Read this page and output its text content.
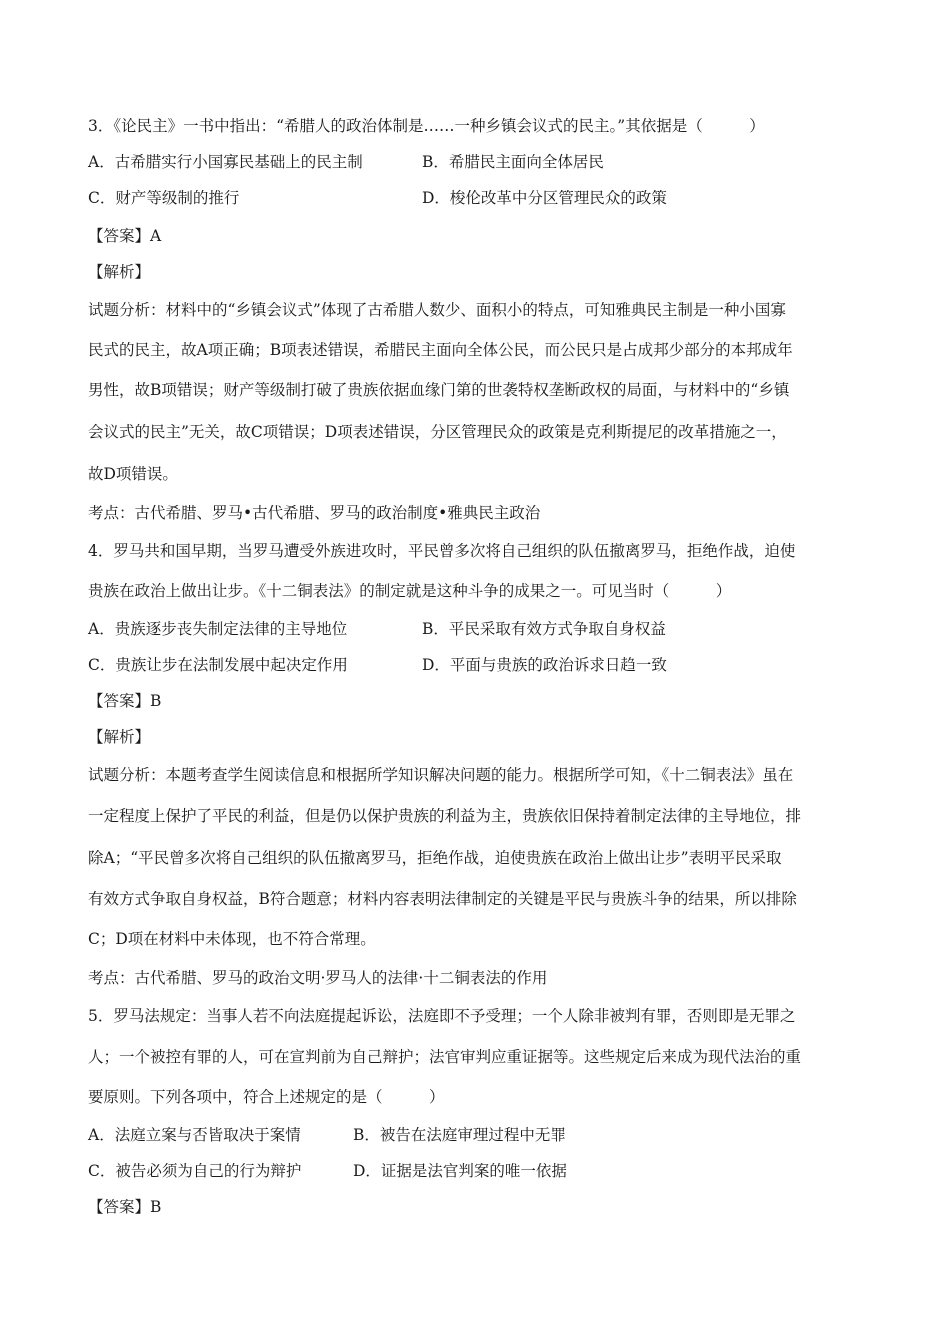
3．《论民主》一书中指出：“希腊人的政治体制是……一种乡镇会议式的民主。”其依据是（　　　）
A．古希腊实行小国寡民基础上的民主制	B．希腊民主面向全体居民
C．财产等级制的推行	D．梭伦改革中分区管理民众的政策
【答案】A
【解析】
试题分析：材料中的“乡镇会议式”体现了古希腊人数少、面积小的特点，可知雅典民主制是一种小国寡
民式的民主，故A项正确；B项表述错误，希腊民主面向全体公民，而公民只是占成邦少部分的本邦成年
男性，故B项错误；财产等级制打破了贵族依据血缘门第的世袭特权垄断政权的局面，与材料中的“乡镇
会议式的民主”无关，故C项错误；D项表述错误，分区管理民众的政策是克利斯提尼的改革措施之一，
故D项错误。
考点：古代希腊、罗马•古代希腊、罗马的政治制度•雅典民主政治
4．罗马共和国早期，当罗马遭受外族进攻时，平民曾多次将自己组织的队伍撤离罗马，拒绝作战，迫使
贵族在政治上做出让步。《十二铜表法》的制定就是这种斗争的成果之一。可见当时（　　　）
A．贵族逐步丧失制定法律的主导地位	B．平民采取有效方式争取自身权益
C．贵族让步在法制发展中起决定作用	D．平面与贵族的政治诉求日趋一致
【答案】B
【解析】
试题分析：本题考查学生阅读信息和根据所学知识解决问题的能力。根据所学可知，《十二铜表法》虽在
一定程度上保护了平民的利益，但是仍以保护贵族的利益为主，贵族依旧保持着制定法律的主导地位，排
除A；“平民曾多次将自己组织的队伍撤离罗马，拒绝作战，迫使贵族在政治上做出让步”表明平民采取
有效方式争取自身权益，B符合题意；材料内容表明法律制定的关键是平民与贵族斗争的结果，所以排除
C；D项在材料中未体现，也不符合常理。
考点：古代希腊、罗马的政治文明·罗马人的法律·十二铜表法的作用
5．罗马法规定：当事人若不向法庭提起诉讼，法庭即不予受理；一个人除非被判有罪，否则即是无罪之
人；一个被控有罪的人，可在宣判前为自己辩护；法官审判应重证据等。这些规定后来成为现代法治的重
要原则。下列各项中，符合上述规定的是（　　　）
A．法庭立案与否皆取决于案情	B．被告在法庭审理过程中无罪
C．被告必须为自己的行为辩护	D．证据是法官判案的唯一依据
【答案】B
